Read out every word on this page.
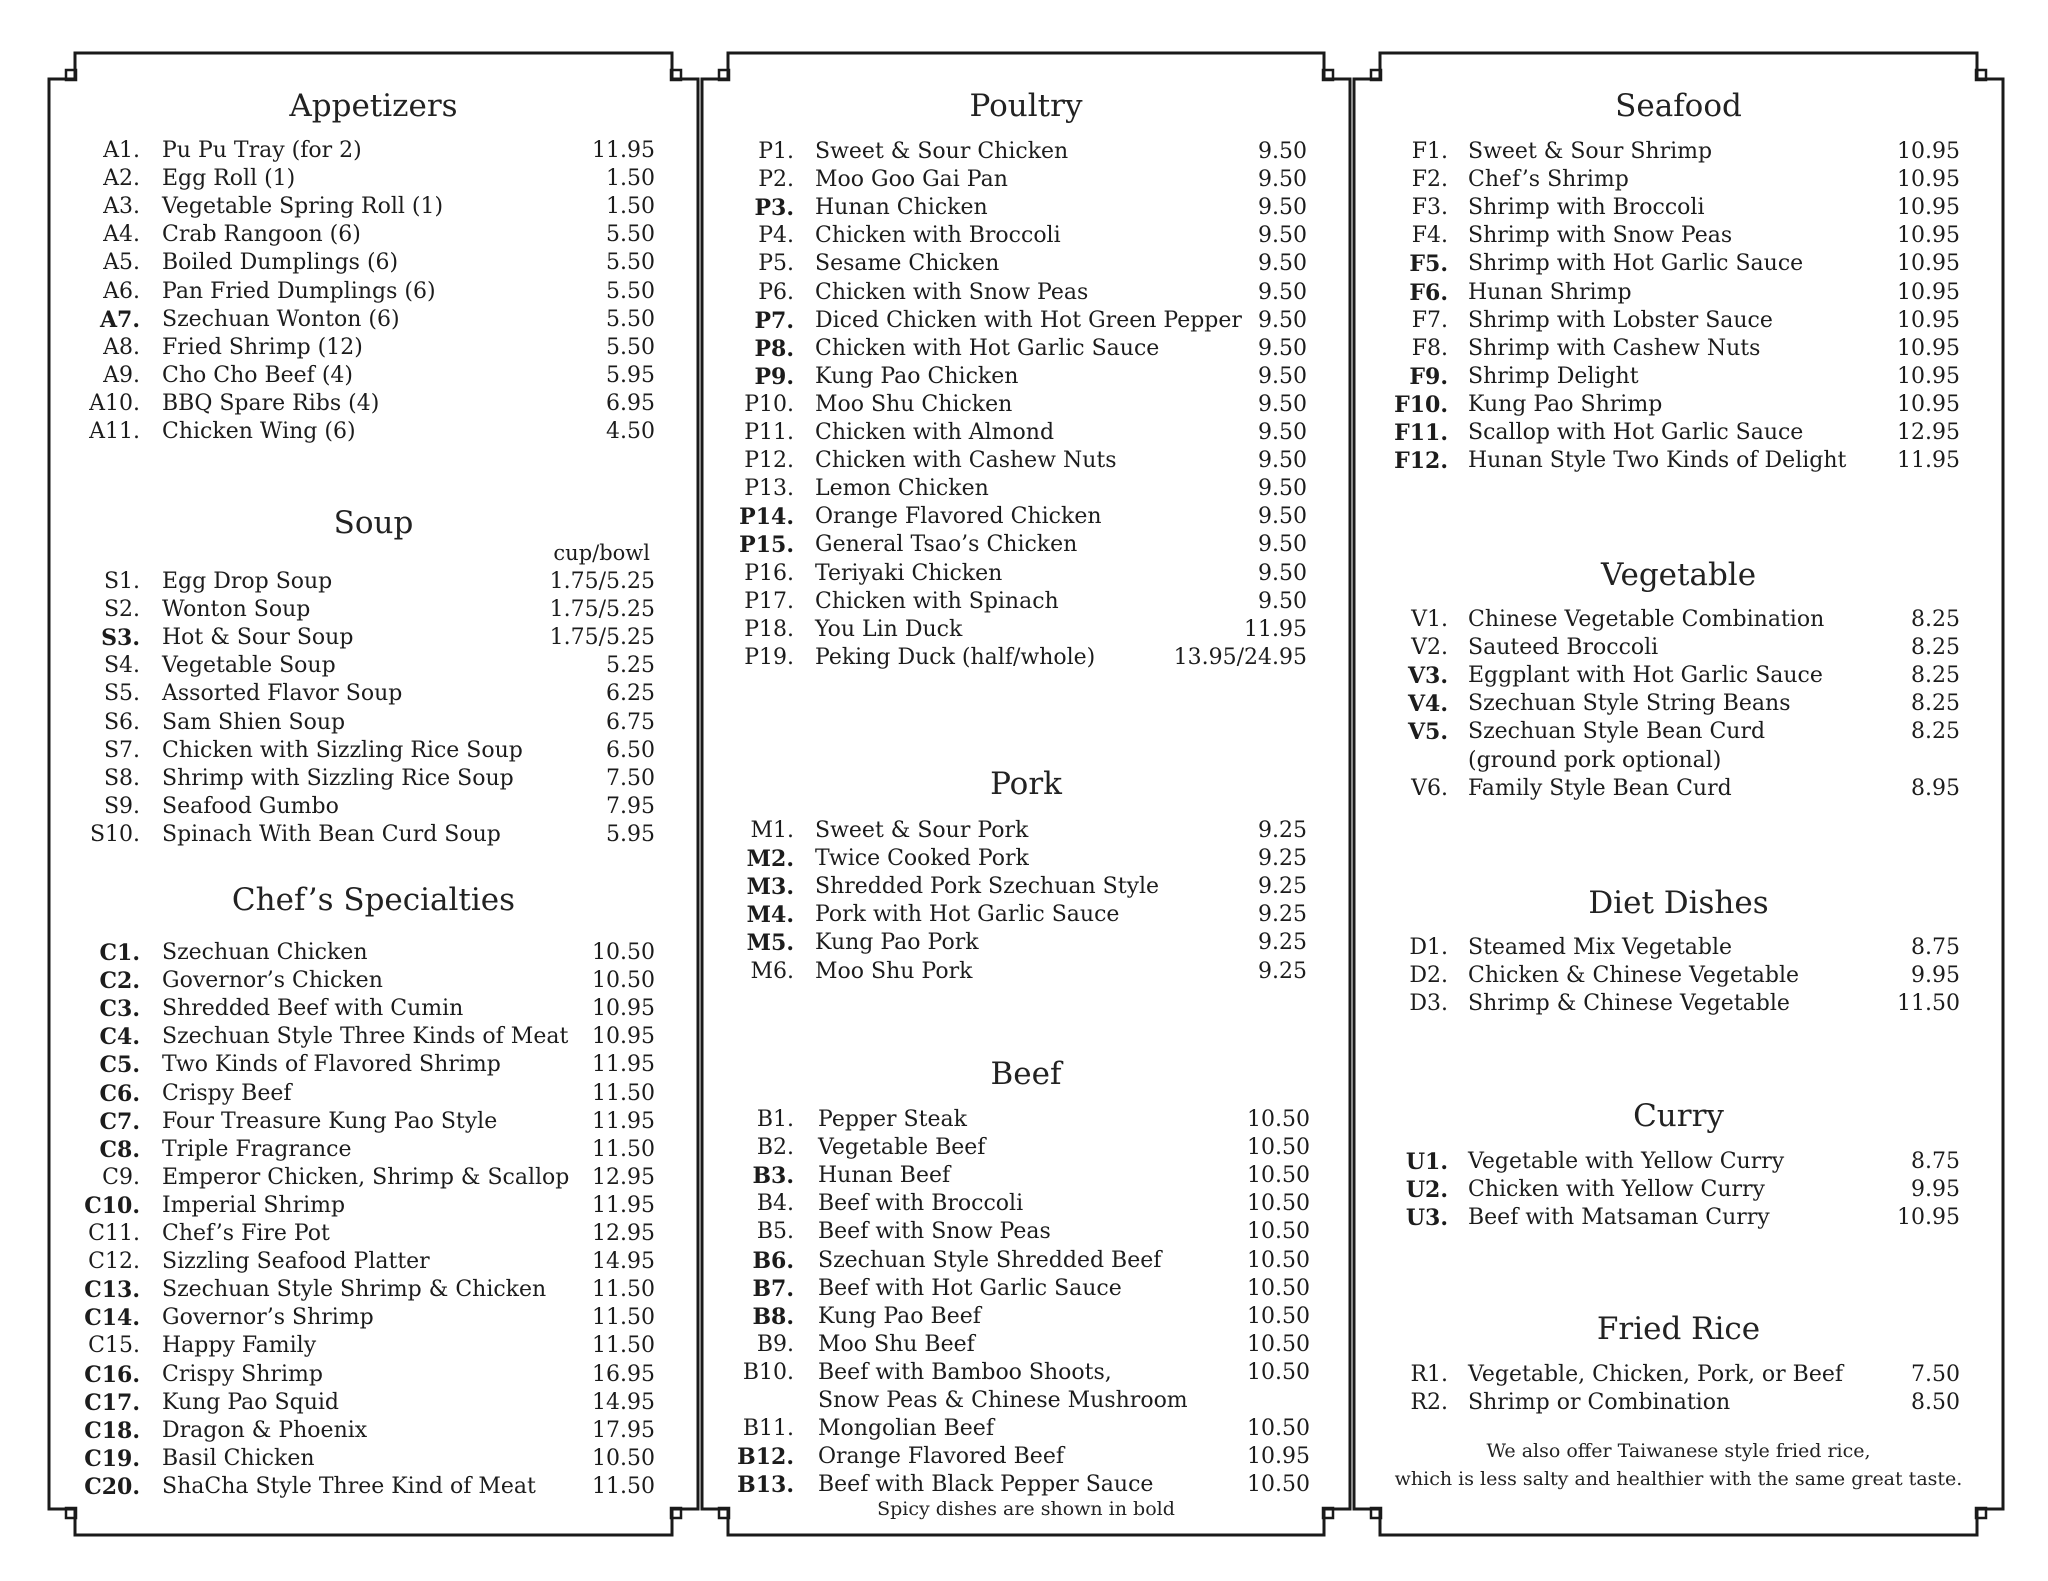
Appetizers
A1. Pu Pu Tray (for 2)	11.95
A2. Egg Roll (1)	1.50
A3. Vegetable Spring Roll (1)	1.50
A4. Crab Rangoon (6)	5.50
A5. Boiled Dumplings (6)	5.50
A6. Pan Fried Dumplings (6)	5.50
A7. Szechuan Wonton (6)	5.50
A8. Fried Shrimp (12)	5.50
A9. Cho Cho Beef (4)	5.95
A10. BBQ Spare Ribs (4)	6.95
A11. Chicken Wing (6)	4.50
Soup
S1. Egg Drop Soup	1.75/5.25
S2. Wonton Soup	1.75/5.25
S3. Hot & Sour Soup	1.75/5.25
S4. Vegetable Soup	5.25
S5. Assorted Flavor Soup	6.25
S6. Sam Shien Soup	6.75
S7. Chicken with Sizzling Rice Soup	6.50
S8. Shrimp with Sizzling Rice Soup	7.50
S9. Seafood Gumbo	7.95
S10. Spinach With Bean Curd Soup	5.95
Chef’s Specialties
C1. Szechuan Chicken	10.50
C2. Governor’s Chicken	10.50
C3. Shredded Beef with Cumin	10.95
C4. Szechuan Style Three Kinds of Meat	10.95
C5. Two Kinds of Flavored Shrimp	11.95
C6. Crispy Beef	11.50
C7. Four Treasure Kung Pao Style	11.95
C8. Triple Fragrance	11.50
C9. Emperor Chicken, Shrimp & Scallop	12.95
C10. Imperial Shrimp	11.95
C11. Chef’s Fire Pot	12.95
C12. Sizzling Seafood Platter	14.95
C13. Szechuan Style Shrimp & Chicken	11.50
C14. Governor’s Shrimp	11.50
C15. Happy Family	11.50
C16. Crispy Shrimp	16.95
C17. Kung Pao Squid	14.95
C18. Dragon & Phoenix	17.95
C19. Basil Chicken	10.50
C20. ShaCha Style Three Kind of Meat	11.50
Poultry
P1. Sweet & Sour Chicken	9.50
P2. Moo Goo Gai Pan	9.50
P3. Hunan Chicken	9.50
P4. Chicken with Broccoli	9.50
P5. Sesame Chicken	9.50
P6. Chicken with Snow Peas	9.50
P7. Diced Chicken with Hot Green Pepper 9.50
P8. Chicken with Hot Garlic Sauce	9.50
P9. Kung Pao Chicken	9.50
P10. Moo Shu Chicken	9.50
P11. Chicken with Almond	9.50
P12. Chicken with Cashew Nuts	9.50
P13. Lemon Chicken	9.50
P14. Orange Flavored Chicken	9.50
P15. General Tsao’s Chicken	9.50
P16. Teriyaki Chicken	9.50
P17. Chicken with Spinach	9.50
P18. You Lin Duck	11.95
P19. Peking Duck (half/whole)	13.95/24.95
Pork
M1. Sweet & Sour Pork	9.25
M2. Twice Cooked Pork	9.25
M3. Shredded Pork Szechuan Style	9.25
M4. Pork with Hot Garlic Sauce	9.25
M5. Kung Pao Pork	9.25
M6. Moo Shu Pork	9.25
Beef
B1. Pepper Steak	10.50
B2. Vegetable Beef	10.50
B3. Hunan Beef	10.50
B4. Beef with Broccoli	10.50
B5. Beef with Snow Peas	10.50
B6. Szechuan Style Shredded Beef	10.50
B7. Beef with Hot Garlic Sauce	10.50
B8. Kung Pao Beef	10.50
B9. Moo Shu Beef	10.50
B10. Beef with Bamboo Shoots,	10.50
Snow Peas & Chinese Mushroom
B11. Mongolian Beef	10.50
B12. Orange Flavored Beef	10.95
B13. Beef with Black Pepper Sauce	10.50
Seafood
F1. Sweet & Sour Shrimp	10.95
F2. Chef’s Shrimp	10.95
F3. Shrimp with Broccoli	10.95
F4. Shrimp with Snow Peas	10.95
F5. Shrimp with Hot Garlic Sauce	10.95
F6. Hunan Shrimp	10.95
F7. Shrimp with Lobster Sauce	10.95
F8. Shrimp with Cashew Nuts	10.95
F9. Shrimp Delight	10.95
F10. Kung Pao Shrimp	10.95
F11. Scallop with Hot Garlic Sauce	12.95
F12. Hunan Style Two Kinds of Delight	11.95
Vegetable
V1. Chinese Vegetable Combination	8.25
V2. Sauteed Broccoli	8.25
V3. Eggplant with Hot Garlic Sauce	8.25
V4. Szechuan Style String Beans	8.25
V5. Szechuan Style Bean Curd	8.25
(ground pork optional)
V6. Family Style Bean Curd	8.95
Diet Dishes
D1. Steamed Mix Vegetable	8.75
D2. Chicken & Chinese Vegetable	9.95
D3. Shrimp & Chinese Vegetable	11.50
Curry
U1. Vegetable with Yellow Curry	8.75
U2. Chicken with Yellow Curry	9.95
U3. Beef with Matsaman Curry	10.95
Fried Rice
R1. Vegetable, Chicken, Pork, or Beef	7.50
R2. Shrimp or Combination	8.50
cup/bowl
Spicy dishes are shown in bold
We also offer Taiwanese style fried rice,
which is less salty and healthier with the same great taste.
